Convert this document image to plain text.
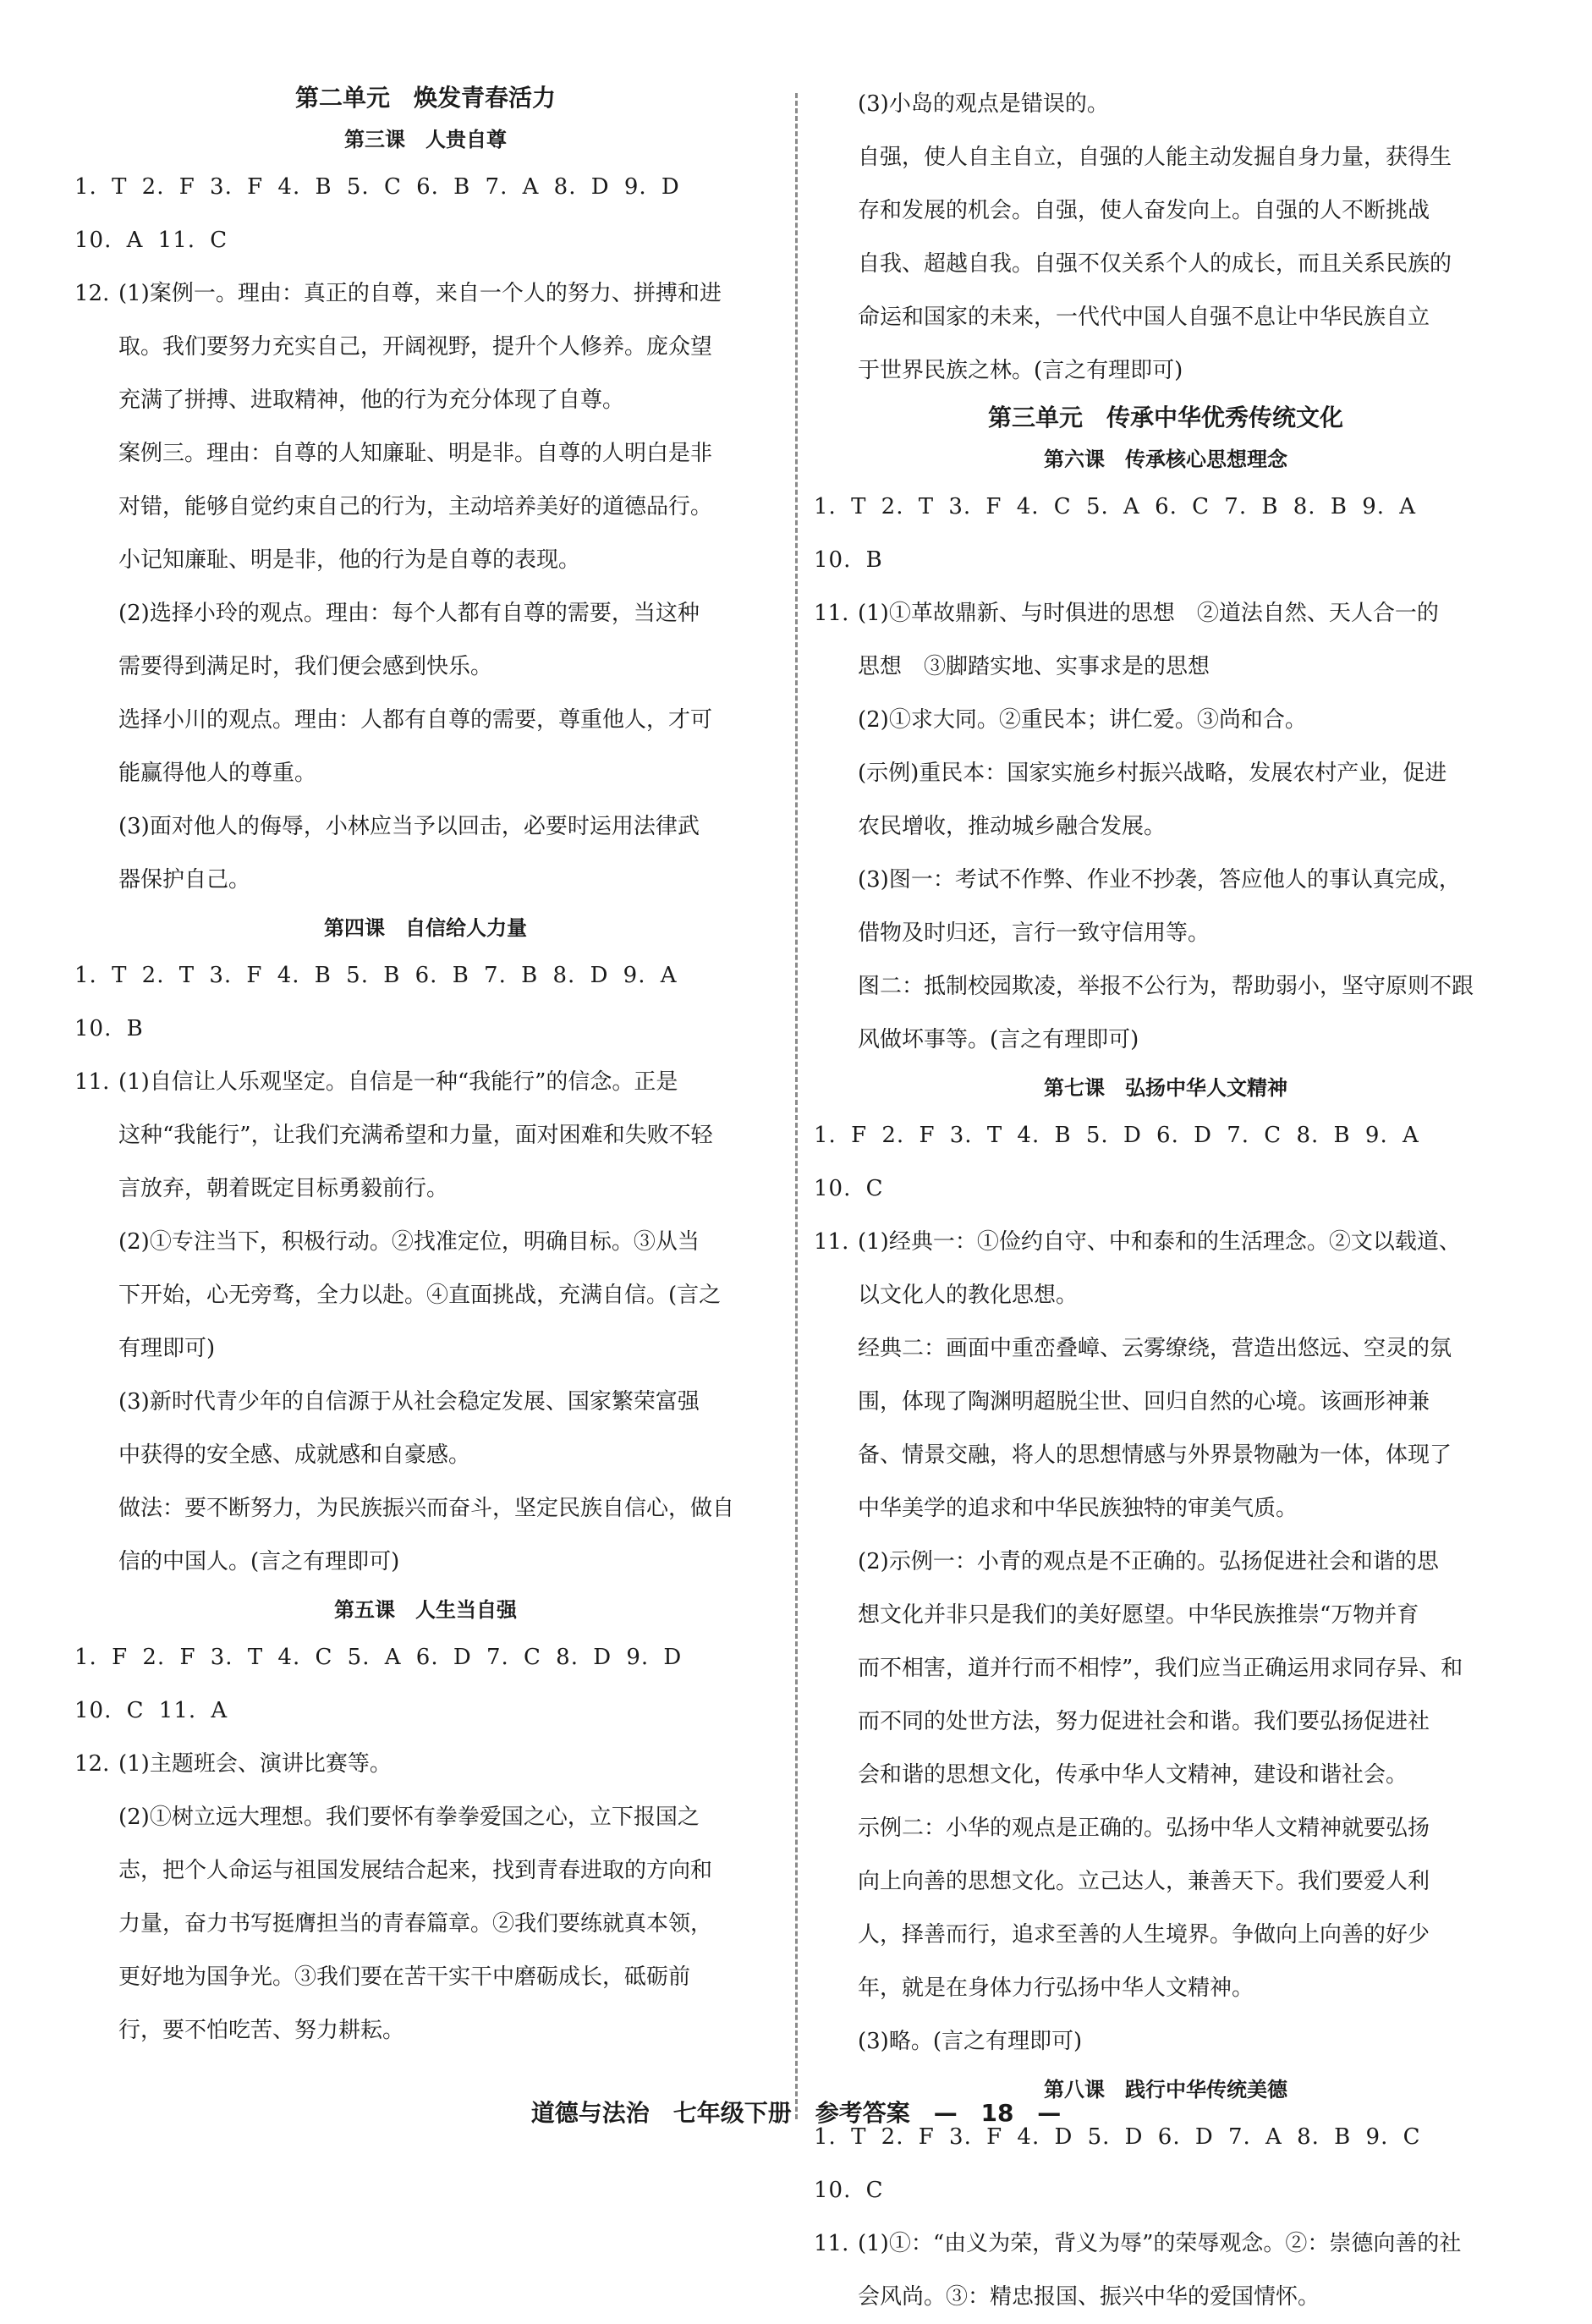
第二单元　焕发青春活力
第三课　人贵自尊
1. T 2. F 3. F 4. B 5. C 6. B 7. A 8. D 9. D
10. A 11. C
12. (1)案例一。理由：真正的自尊，来自一个人的努力、拼搏和进
取。我们要努力充实自己，开阔视野，提升个人修养。庞众望
充满了拼搏、进取精神，他的行为充分体现了自尊。
案例三。理由：自尊的人知廉耻、明是非。自尊的人明白是非
对错，能够自觉约束自己的行为，主动培养美好的道德品行。
小记知廉耻、明是非，他的行为是自尊的表现。
(2)选择小玲的观点。理由：每个人都有自尊的需要，当这种
需要得到满足时，我们便会感到快乐。
选择小川的观点。理由：人都有自尊的需要，尊重他人，才可
能赢得他人的尊重。
(3)面对他人的侮辱，小林应当予以回击，必要时运用法律武
器保护自己。
第四课　自信给人力量
1. T 2. T 3. F 4. B 5. B 6. B 7. B 8. D 9. A
10. B
11. (1)自信让人乐观坚定。自信是一种“我能行”的信念。正是
这种“我能行”，让我们充满希望和力量，面对困难和失败不轻
言放弃，朝着既定目标勇毅前行。
(2)①专注当下，积极行动。②找准定位，明确目标。③从当
下开始，心无旁骛，全力以赴。④直面挑战，充满自信。(言之
有理即可)
(3)新时代青少年的自信源于从社会稳定发展、国家繁荣富强
中获得的安全感、成就感和自豪感。
做法：要不断努力，为民族振兴而奋斗，坚定民族自信心，做自
信的中国人。(言之有理即可)
第五课　人生当自强
1. F 2. F 3. T 4. C 5. A 6. D 7. C 8. D 9. D
10. C 11. A
12. (1)主题班会、演讲比赛等。
(2)①树立远大理想。我们要怀有拳拳爱国之心，立下报国之
志，把个人命运与祖国发展结合起来，找到青春进取的方向和
力量，奋力书写挺膺担当的青春篇章。②我们要练就真本领，
更好地为国争光。③我们要在苦干实干中磨砺成长，砥砺前
行，要不怕吃苦、努力耕耘。
(3)小岛的观点是错误的。
自强，使人自主自立，自强的人能主动发掘自身力量，获得生
存和发展的机会。自强，使人奋发向上。自强的人不断挑战
自我、超越自我。自强不仅关系个人的成长，而且关系民族的
命运和国家的未来，一代代中国人自强不息让中华民族自立
于世界民族之林。(言之有理即可)
第三单元　传承中华优秀传统文化
第六课　传承核心思想理念
1. T 2. T 3. F 4. C 5. A 6. C 7. B 8. B 9. A
10. B
11. (1)①革故鼎新、与时俱进的思想　②道法自然、天人合一的
思想　③脚踏实地、实事求是的思想
(2)①求大同。②重民本；讲仁爱。③尚和合。
(示例)重民本：国家实施乡村振兴战略，发展农村产业，促进
农民增收，推动城乡融合发展。
(3)图一：考试不作弊、作业不抄袭，答应他人的事认真完成，
借物及时归还，言行一致守信用等。
图二：抵制校园欺凌，举报不公行为，帮助弱小，坚守原则不跟
风做坏事等。(言之有理即可)
第七课　弘扬中华人文精神
1. F 2. F 3. T 4. B 5. D 6. D 7. C 8. B 9. A
10. C
11. (1)经典一：①俭约自守、中和泰和的生活理念。②文以载道、
以文化人的教化思想。
经典二：画面中重峦叠嶂、云雾缭绕，营造出悠远、空灵的氛
围，体现了陶渊明超脱尘世、回归自然的心境。该画形神兼
备、情景交融，将人的思想情感与外界景物融为一体，体现了
中华美学的追求和中华民族独特的审美气质。
(2)示例一：小青的观点是不正确的。弘扬促进社会和谐的思
想文化并非只是我们的美好愿望。中华民族推崇“万物并育
而不相害，道并行而不相悖”，我们应当正确运用求同存异、和
而不同的处世方法，努力促进社会和谐。我们要弘扬促进社
会和谐的思想文化，传承中华人文精神，建设和谐社会。
示例二：小华的观点是正确的。弘扬中华人文精神就要弘扬
向上向善的思想文化。立己达人，兼善天下。我们要爱人利
人，择善而行，追求至善的人生境界。争做向上向善的好少
年，就是在身体力行弘扬中华人文精神。
(3)略。(言之有理即可)
第八课　践行中华传统美德
1. T 2. F 3. F 4. D 5. D 6. D 7. A 8. B 9. C
10. C
11. (1)①：“由义为荣，背义为辱”的荣辱观念。②：崇德向善的社
会风尚。③：精忠报国、振兴中华的爱国情怀。
道德与法治　七年级下册　参考答案　— 18 —
